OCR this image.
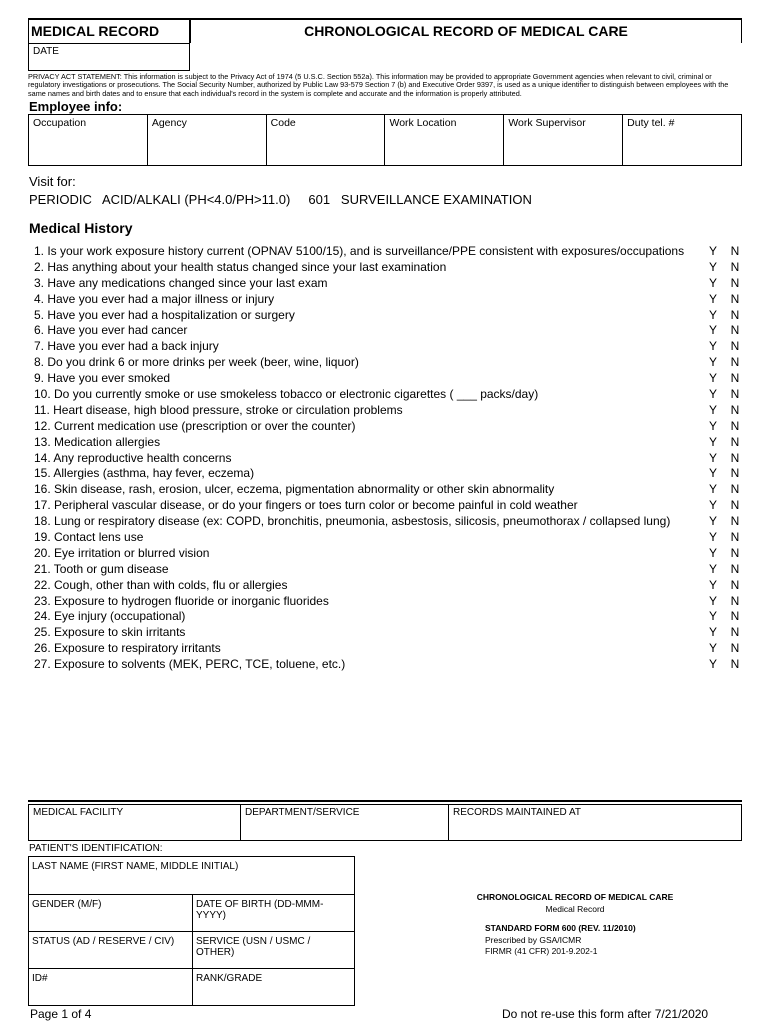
MEDICAL RECORD	CHRONOLOGICAL RECORD OF MEDICAL CARE
DATE
PRIVACY ACT STATEMENT: This information is subject to the Privacy Act of 1974 (5 U.S.C. Section 552a). This information may be provided to appropriate Government agencies when relevant to civil, criminal or regulatory investigations or prosecutions. The Social Security Number, authorized by Public Law 93-579 Section 7 (b) and Executive Order 9397, is used as a unique identifier to distinguish between employees with the same names and birth dates and to ensure that each individual's record in the system is complete and accurate and the information is properly attributed.
Employee info:
Occupation	Agency	Code	Work Location	Work Supervisor	Duty tel. #
Visit for:
PERIODIC   ACID/ALKALI (PH<4.0/PH>11.0)     601   SURVEILLANCE EXAMINATION
Medical History
1. Is your work exposure history current (OPNAV 5100/15), and is surveillance/PPE consistent with exposures/occupations	Y	N
2. Has anything about your health status changed since your last examination	Y	N
3. Have any medications changed since your last exam	Y	N
4. Have you ever had a major illness or injury	Y	N
5. Have you ever had a hospitalization or surgery	Y	N
6. Have you ever had cancer	Y	N
7. Have you ever had a back injury	Y	N
8. Do you drink 6 or more drinks per week (beer, wine, liquor)	Y	N
9. Have you ever smoked	Y	N
10. Do you currently smoke or use smokeless tobacco or electronic cigarettes ( ___ packs/day)	Y	N
11. Heart disease, high blood pressure, stroke or circulation problems	Y	N
12. Current medication use (prescription or over the counter)	Y	N
13. Medication allergies	Y	N
14. Any reproductive health concerns	Y	N
15. Allergies (asthma, hay fever, eczema)	Y	N
16. Skin disease, rash, erosion, ulcer, eczema, pigmentation abnormality or other skin abnormality	Y	N
17. Peripheral vascular disease, or do your fingers or toes turn color or become painful in cold weather	Y	N
18. Lung or respiratory disease (ex: COPD, bronchitis, pneumonia, asbestosis, silicosis, pneumothorax / collapsed lung)	Y	N
19. Contact lens use	Y	N
20. Eye irritation or blurred vision	Y	N
21. Tooth or gum disease	Y	N
22. Cough, other than with colds, flu or allergies	Y	N
23. Exposure to hydrogen fluoride or inorganic fluorides	Y	N
24. Eye injury (occupational)	Y	N
25. Exposure to skin irritants	Y	N
26. Exposure to respiratory irritants	Y	N
27. Exposure to solvents (MEK, PERC, TCE, toluene, etc.)	Y	N
MEDICAL FACILITY	DEPARTMENT/SERVICE	RECORDS MAINTAINED AT
PATIENT'S IDENTIFICATION:
LAST NAME (FIRST NAME, MIDDLE INITIAL)
GENDER (M/F)	DATE OF BIRTH (DD-MMM-YYYY)
STATUS (AD / RESERVE / CIV)	SERVICE (USN / USMC / OTHER)
ID#	RANK/GRADE
CHRONOLOGICAL RECORD OF MEDICAL CARE
Medical Record
STANDARD FORM 600 (REV. 11/2010)
Prescribed by GSA/ICMR
FIRMR (41 CFR) 201-9.202-1
Page 1 of 4	Do not re-use this form after 7/21/2020
